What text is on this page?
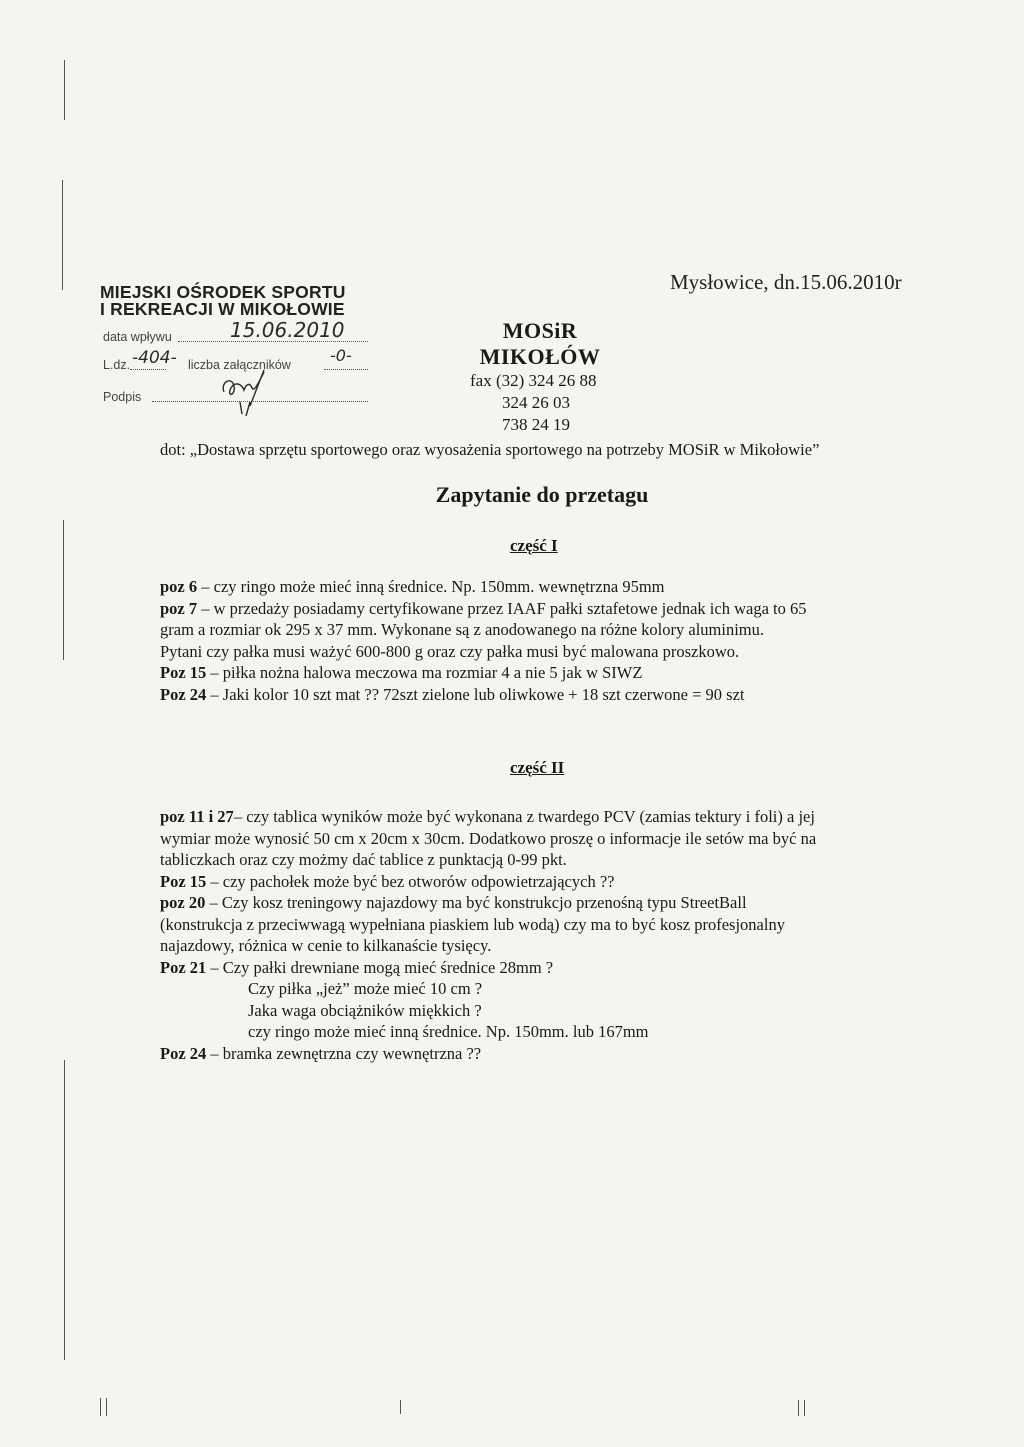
MIEJSKI OŚRODEK SPORTU
I REKREACJI W MIKOŁOWIE
data wpływu	15.06.2010
L.dz. -404- liczba załączników -0-
Podpis
Mysłowice, dn.15.06.2010r
MOSiR MIKOŁÓW
fax (32) 324 26 88
324 26 03
738 24 19
dot: „Dostawa sprzętu sportowego oraz wyosażenia sportowego na potrzeby MOSiR w Mikołowie”
Zapytanie do przetagu
część I

poz 6 – czy ringo może mieć inną średnice. Np. 150mm. wewnętrzna 95mm

poz 7 – w przedaży posiadamy certyfikowane przez IAAF pałki sztafetowe jednak ich waga to 65

gram a rozmiar ok 295 x 37 mm. Wykonane są z anodowanego na różne kolory aluminimu.

Pytani czy pałka musi ważyć 600-800 g oraz czy pałka musi być malowana proszkowo.

Poz 15 – piłka nożna halowa meczowa ma rozmiar 4 a nie 5 jak w SIWZ

Poz 24 – Jaki kolor 10 szt mat ?? 72szt zielone lub oliwkowe + 18 szt czerwone = 90 szt

część II

poz 11 i 27– czy tablica wyników może być wykonana z twardego PCV (zamias tektury i foli) a jej

wymiar może wynosić 50 cm x 20cm x 30cm. Dodatkowo proszę o informacje ile setów ma być na

tabliczkach oraz czy możmy dać tablice z punktacją 0-99 pkt.

Poz 15 – czy pachołek może być bez otworów odpowietrzających ??

poz 20 – Czy kosz treningowy najazdowy ma być konstrukcjo przenośną typu StreetBall

(konstrukcja z przeciwwagą wypełniana piaskiem lub wodą) czy ma to być kosz profesjonalny

najazdowy, różnica w cenie to kilkanaście tysięcy.

Poz 21 – Czy pałki drewniane mogą mieć średnice 28mm ?

Czy piłka „jeż” może mieć 10 cm ?

Jaka waga obciążników miękkich ?

czy ringo może mieć inną średnice. Np. 150mm. lub 167mm

Poz 24 – bramka zewnętrzna czy wewnętrzna ??
